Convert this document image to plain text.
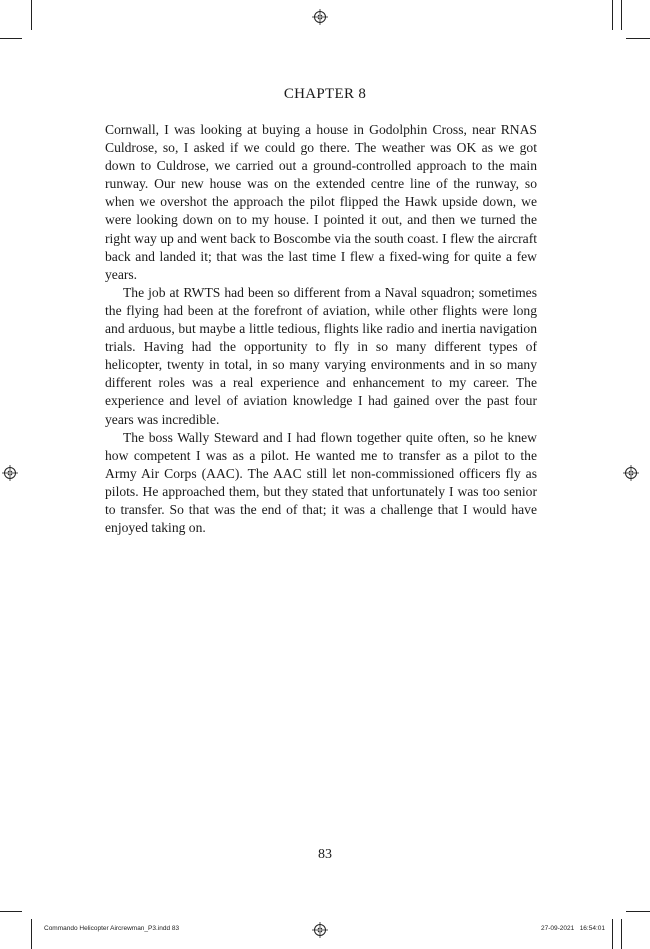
CHAPTER 8

Cornwall, I was looking at buying a house in Godolphin Cross, near RNAS Culdrose, so, I asked if we could go there. The weather was OK as we got down to Culdrose, we carried out a ground-controlled approach to the main runway. Our new house was on the extended centre line of the runway, so when we overshot the approach the pilot flipped the Hawk upside down, we were looking down on to my house. I pointed it out, and then we turned the right way up and went back to Boscombe via the south coast. I flew the aircraft back and landed it; that was the last time I flew a fixed-wing for quite a few years.

The job at RWTS had been so different from a Naval squadron; sometimes the flying had been at the forefront of aviation, while other flights were long and arduous, but maybe a little tedious, flights like radio and inertia navigation trials. Having had the opportunity to fly in so many different types of helicopter, twenty in total, in so many varying environments and in so many different roles was a real experience and enhancement to my career. The experience and level of aviation knowledge I had gained over the past four years was incredible.

The boss Wally Steward and I had flown together quite often, so he knew how competent I was as a pilot. He wanted me to transfer as a pilot to the Army Air Corps (AAC). The AAC still let non-commissioned officers fly as pilots. He approached them, but they stated that unfortunately I was too senior to transfer. So that was the end of that; it was a challenge that I would have enjoyed taking on.

83
Commando Helicopter Aircrewman_P3.indd 83	27-09-2021 16:54:01
